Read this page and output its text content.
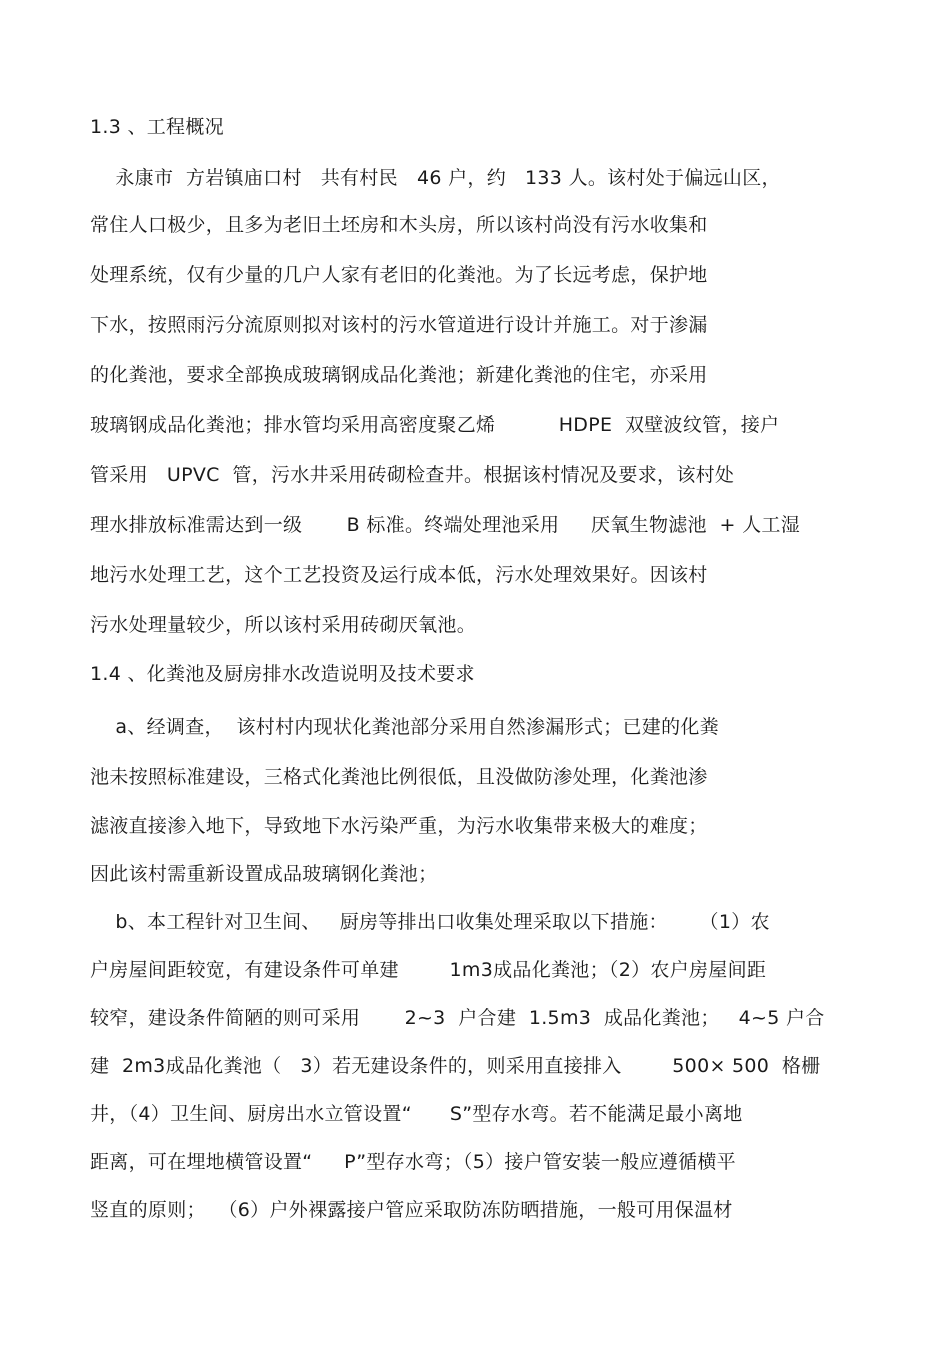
1.3 、工程概况
永康市  方岩镇庙口村   共有村民   46 户，约   133 人。该村处于偏远山区，
常住人口极少，且多为老旧土坯房和木头房，所以该村尚没有污水收集和
处理系统，仅有少量的几户人家有老旧的化粪池。为了长远考虑，保护地
下水，按照雨污分流原则拟对该村的污水管道进行设计并施工。对于渗漏
的化粪池，要求全部换成玻璃钢成品化粪池；新建化粪池的住宅，亦采用
玻璃钢成品化粪池；排水管均采用高密度聚乙烯          HDPE  双壁波纹管，接户
管采用   UPVC  管，污水井采用砖砌检查井。根据该村情况及要求，该村处
理水排放标准需达到一级       B 标准。终端处理池采用     厌氧生物滤池  + 人工湿
地污水处理工艺，这个工艺投资及运行成本低，污水处理效果好。因该村
污水处理量较少，所以该村采用砖砌厌氧池。
1.4 、化粪池及厨房排水改造说明及技术要求
a、经调查，  该村村内现状化粪池部分采用自然渗漏形式；已建的化粪
池未按照标准建设，三格式化粪池比例很低，且没做防渗处理，化粪池渗
滤液直接渗入地下，导致地下水污染严重，为污水收集带来极大的难度；
因此该村需重新设置成品玻璃钢化粪池；
b、本工程针对卫生间、   厨房等排出口收集处理采取以下措施：     （1）农
户房屋间距较宽，有建设条件可单建        1m3成品化粪池；（2）农户房屋间距
较窄，建设条件简陋的则可采用       2~3  户合建  1.5m3  成品化粪池；   4~5 户合
建  2m3成品化粪池（   3）若无建设条件的，则采用直接排入        500× 500  格栅
井，（4）卫生间、厨房出水立管设置“      S”型存水弯。若不能满足最小离地
距离，可在埋地横管设置“     P”型存水弯；（5）接户管安装一般应遵循横平
竖直的原则；  （6）户外裸露接户管应采取防冻防晒措施，一般可用保温材
